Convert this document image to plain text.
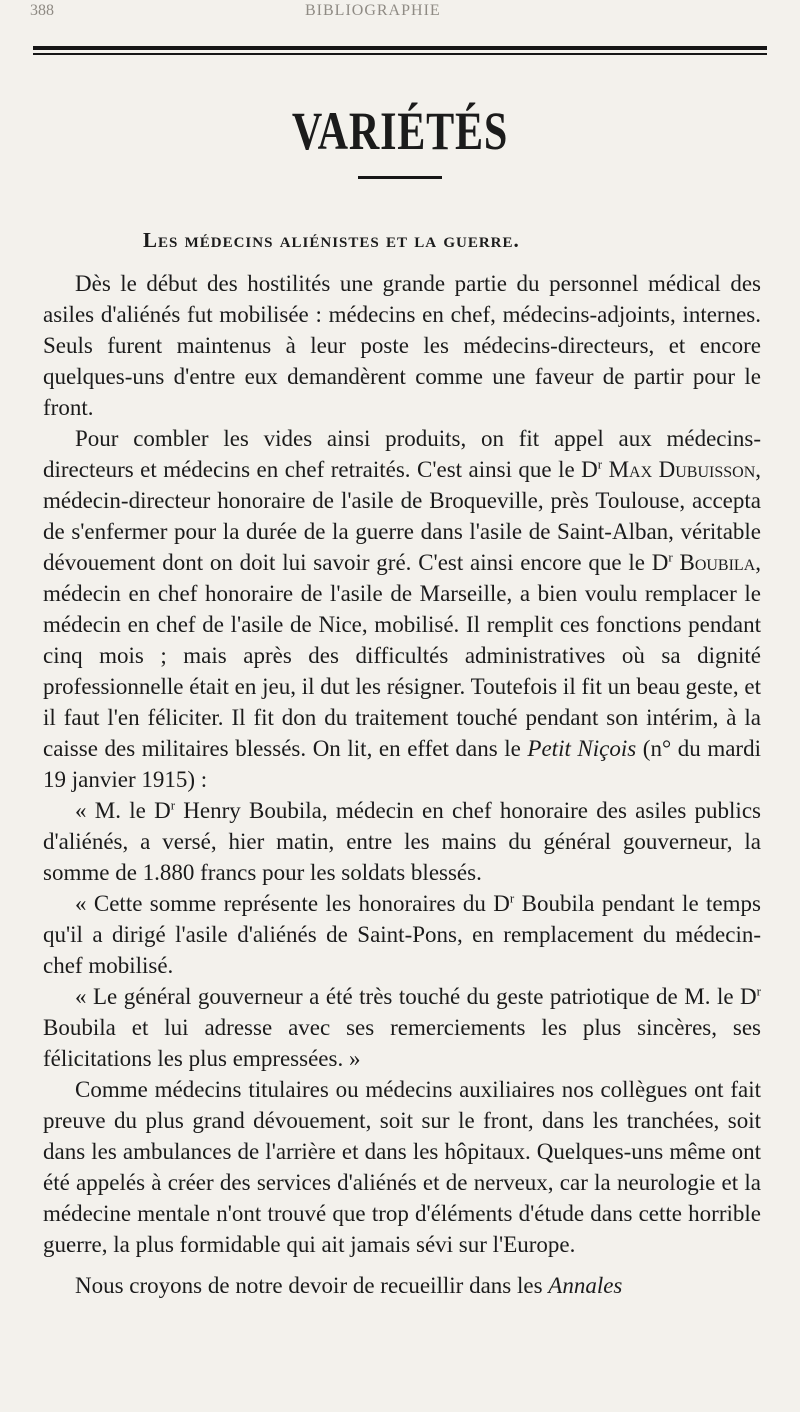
388	BIBLIOGRAPHIE
VARIÉTÉS
Les médecins aliénistes et la guerre.

Dès le début des hostilités une grande partie du personnel médical des asiles d'aliénés fut mobilisée : médecins en chef, médecins-adjoints, internes. Seuls furent maintenus à leur poste les médecins-directeurs, et encore quelques-uns d'entre eux demandèrent comme une faveur de partir pour le front.

Pour combler les vides ainsi produits, on fit appel aux médecins-directeurs et médecins en chef retraités. C'est ainsi que le $D^r$ Max Dubuisson, médecin-directeur honoraire de l'asile de Broqueville, près Toulouse, accepta de s'enfermer pour la durée de la guerre dans l'asile de Saint-Alban, véritable dévouement dont on doit lui savoir gré. C'est ainsi encore que le $D^r$ Boubila, médecin en chef honoraire de l'asile de Marseille, a bien voulu remplacer le médecin en chef de l'asile de Nice, mobilisé. Il remplit ces fonctions pendant cinq mois ; mais après des difficultés administratives où sa dignité professionnelle était en jeu, il dut les résigner. Toutefois il fit un beau geste, et il faut l'en féliciter. Il fit don du traitement touché pendant son intérim, à la caisse des militaires blessés. On lit, en effet dans le Petit Niçois (n° du mardi 19 janvier 1915) :

« M. le $D^r$ Henry Boubila, médecin en chef honoraire des asiles publics d'aliénés, a versé, hier matin, entre les mains du général gouverneur, la somme de 1.880 francs pour les soldats blessés.

« Cette somme représente les honoraires du $D^r$ Boubila pendant le temps qu'il a dirigé l'asile d'aliénés de Saint-Pons, en remplacement du médecin-chef mobilisé.

« Le général gouverneur a été très touché du geste patriotique de M. le $D^r$ Boubila et lui adresse avec ses remerciements les plus sincères, ses félicitations les plus empressées. »

Comme médecins titulaires ou médecins auxiliaires nos collègues ont fait preuve du plus grand dévouement, soit sur le front, dans les tranchées, soit dans les ambulances de l'arrière et dans les hôpitaux. Quelques-uns même ont été appelés à créer des services d'aliénés et de nerveux, car la neurologie et la médecine mentale n'ont trouvé que trop d'éléments d'étude dans cette horrible guerre, la plus formidable qui ait jamais sévi sur l'Europe.

Nous croyons de notre devoir de recueillir dans les Annales
